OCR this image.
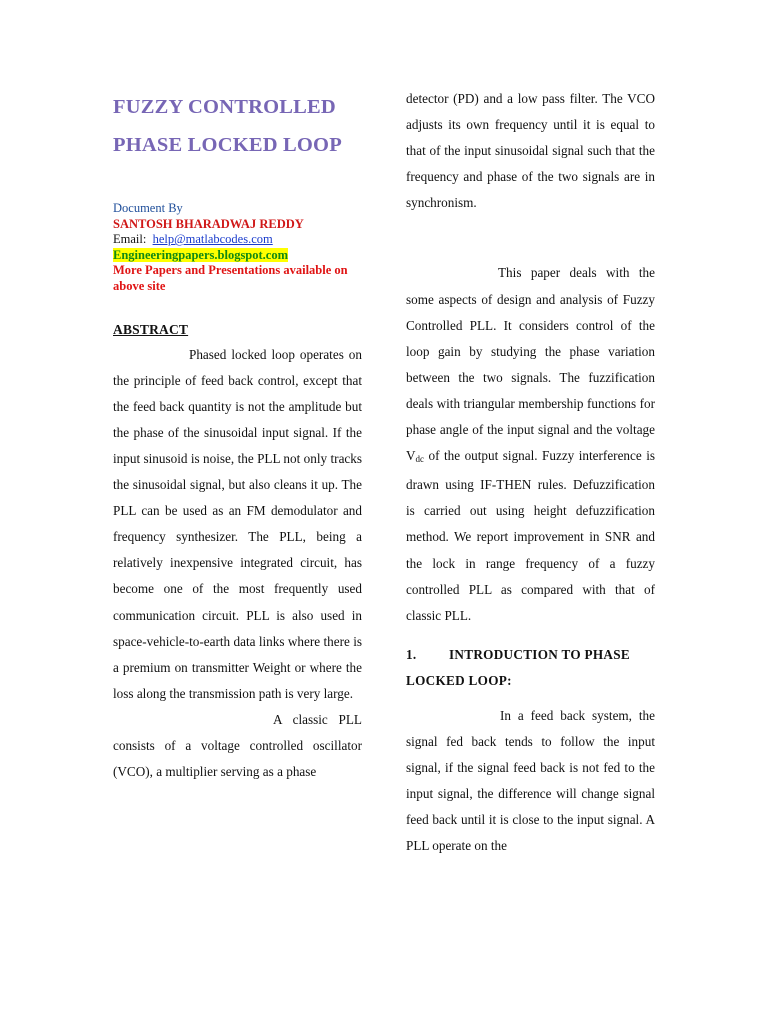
FUZZY CONTROLLED
PHASE LOCKED LOOP
Document By
SANTOSH BHARADWAJ REDDY
Email:  help@matlabcodes.com
Engineeringpapers.blogspot.com
More Papers and Presentations available on above site
ABSTRACT

Phased locked loop operates on the principle of feed back control, except that the feed back quantity is not the amplitude but the phase of the sinusoidal input signal. If the input sinusoid is noise, the PLL not only tracks the sinusoidal signal, but also cleans it up. The PLL can be used as an FM demodulator and frequency synthesizer. The PLL, being a relatively inexpensive integrated circuit, has become one of the most frequently used communication circuit. PLL is also used in space-vehicle-to-earth data links where there is a premium on transmitter Weight or where the loss along the transmission path is very large.

A classic PLL consists of a voltage controlled oscillator (VCO), a multiplier serving as a phase

detector (PD) and a low pass filter. The VCO adjusts its own frequency until it is equal to that of the input sinusoidal signal such that the frequency and phase of the two signals are in synchronism.

This paper deals with the some aspects of design and analysis of Fuzzy Controlled PLL. It considers control of the loop gain by studying the phase variation between the two signals. The fuzzification deals with triangular membership functions for phase angle of the input signal and the voltage $V_{dc}$ of the output signal. Fuzzy interference is drawn using IF-THEN rules. Defuzzification is carried out using height defuzzification method. We report improvement in SNR and the lock in range frequency of a fuzzy controlled PLL as compared with that of classic PLL.

1. INTRODUCTION TO PHASE LOCKED LOOP:

In a feed back system, the signal fed back tends to follow the input signal, if the signal feed back is not fed to the input signal, the difference will change signal feed back until it is close to the input signal. A PLL operate on the
